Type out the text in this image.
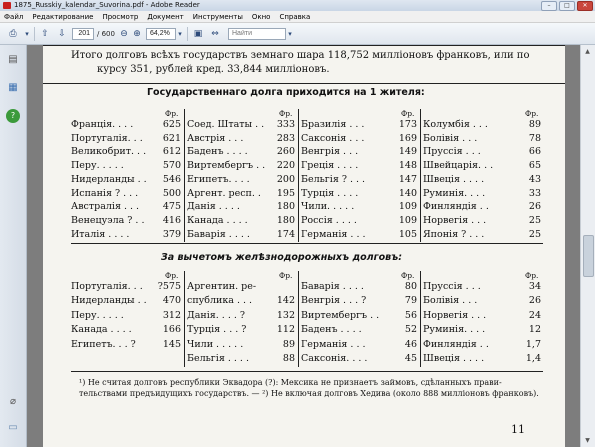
1875_Russkiy_kalendar_Suvorina.pdf - Adobe Reader	–	□	✕
Файл Редактирование Просмотр Документ Инструменты Окно Справка
⎙	▾	⇧	⇩
201	/ 600 ⊖ ⊕
64,2%	▾	▣ ⇔
Найти	▾
▤
▦
?
⌀
▭
Итого долговъ всѣхъ государствъ земнаго шара 118,752 милліоновъ франковъ, или по
курсу 351, рублей кред. 33,844 милліоновъ.
Государственнаго долга приходится на 1 жителя:
Фр.	Фр.	Фр.	Фр.
Франція. . . .	625 Соед. Штаты . .	333 Бразилія . . .	173 Колумбія . . .	89
Португалія. . .	621 Австрія . . .	283 Саксонія . . .	169 Болівія . . .	78
Великобрит. . .	612 Баденъ . . . .	260 Венгрія . . .	149 Пруссія . . .	66
Перу. . . . .	570 Виртембергъ . .	220 Греція . . . .	148 Швейцарія. . .	65
Нидерланды . .	546 Египетъ. . . .	200 Бельгія ? . . .	147 Швеція . . . .	43
Испанія ? . . .	500 Аргент. респ. .	195 Турція . . . .	140 Руминія. . . .	33
Австралія . . .	475 Данія . . . .	180 Чили. . . . .	109 Финляндія . .	26
Венецуэла ? . .	416 Канада . . . .	180 Россія . . . .	109 Норвегія . . .	25
Италія . . . .	379 Баварія . . . .	174 Германія . . .	105 Японія ? . . .	25
За вычетомъ желѣзнодорожныхъ долговъ:
Фр.	Фр.	Фр.	Фр.
Португалія. . .	?575 Аргентин. ре-	Баварія . . . .	80 Пруссія . . .	34
Нидерланды . .	470 спублика . . .	142 Венгрія . . . ?	79 Болівія . . .	26
Перу. . . . .	312 Данія. . . . ?	132 Виртембергъ . .	56 Норвегія . . .	24
Канада . . . .	166 Турція . . . ?	112 Баденъ . . . .	52 Руминія. . . .	12
Египетъ. . . ?	145 Чили . . . . .	89 Германія . . .	46 Финляндія . .	1,7
Бельгія . . . .	88 Саксонія. . . .	45 Швеція . . . .	1,4
¹) Не считая долговъ республики Эквадора (?): Мексика не признаетъ займовъ, сдѣланныхъ прави-тельствами предъидущихъ государствъ. — ²) Не включая долговъ Хедива (около 888 милліоновъ франковъ).
11
▲
▼
